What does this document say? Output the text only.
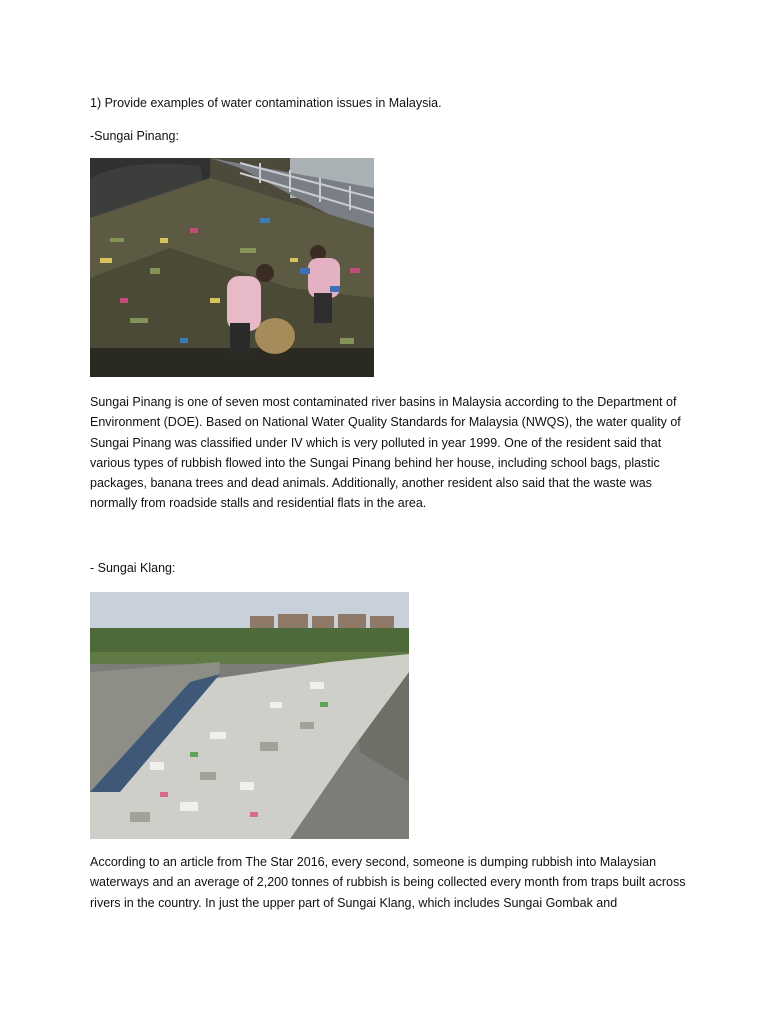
1) Provide examples of water contamination issues in Malaysia.

-Sungai Pinang:

Sungai Pinang is one of seven most contaminated river basins in Malaysia according to the Department of Environment (DOE). Based on National Water Quality Standards for Malaysia (NWQS), the water quality of Sungai Pinang was classified under IV which is very polluted in year 1999. One of the resident said that various types of rubbish flowed into the Sungai Pinang behind her house, including school bags, plastic packages, banana trees and dead animals. Additionally, another resident also said that the waste was normally from roadside stalls and residential flats in the area.

- Sungai Klang:

According to an article from The Star 2016, every second, someone is dumping rubbish into Malaysian waterways and an average of 2,200 tonnes of rubbish is being collected every month from traps built across rivers in the country. In just the upper part of Sungai Klang, which includes Sungai Gombak and
